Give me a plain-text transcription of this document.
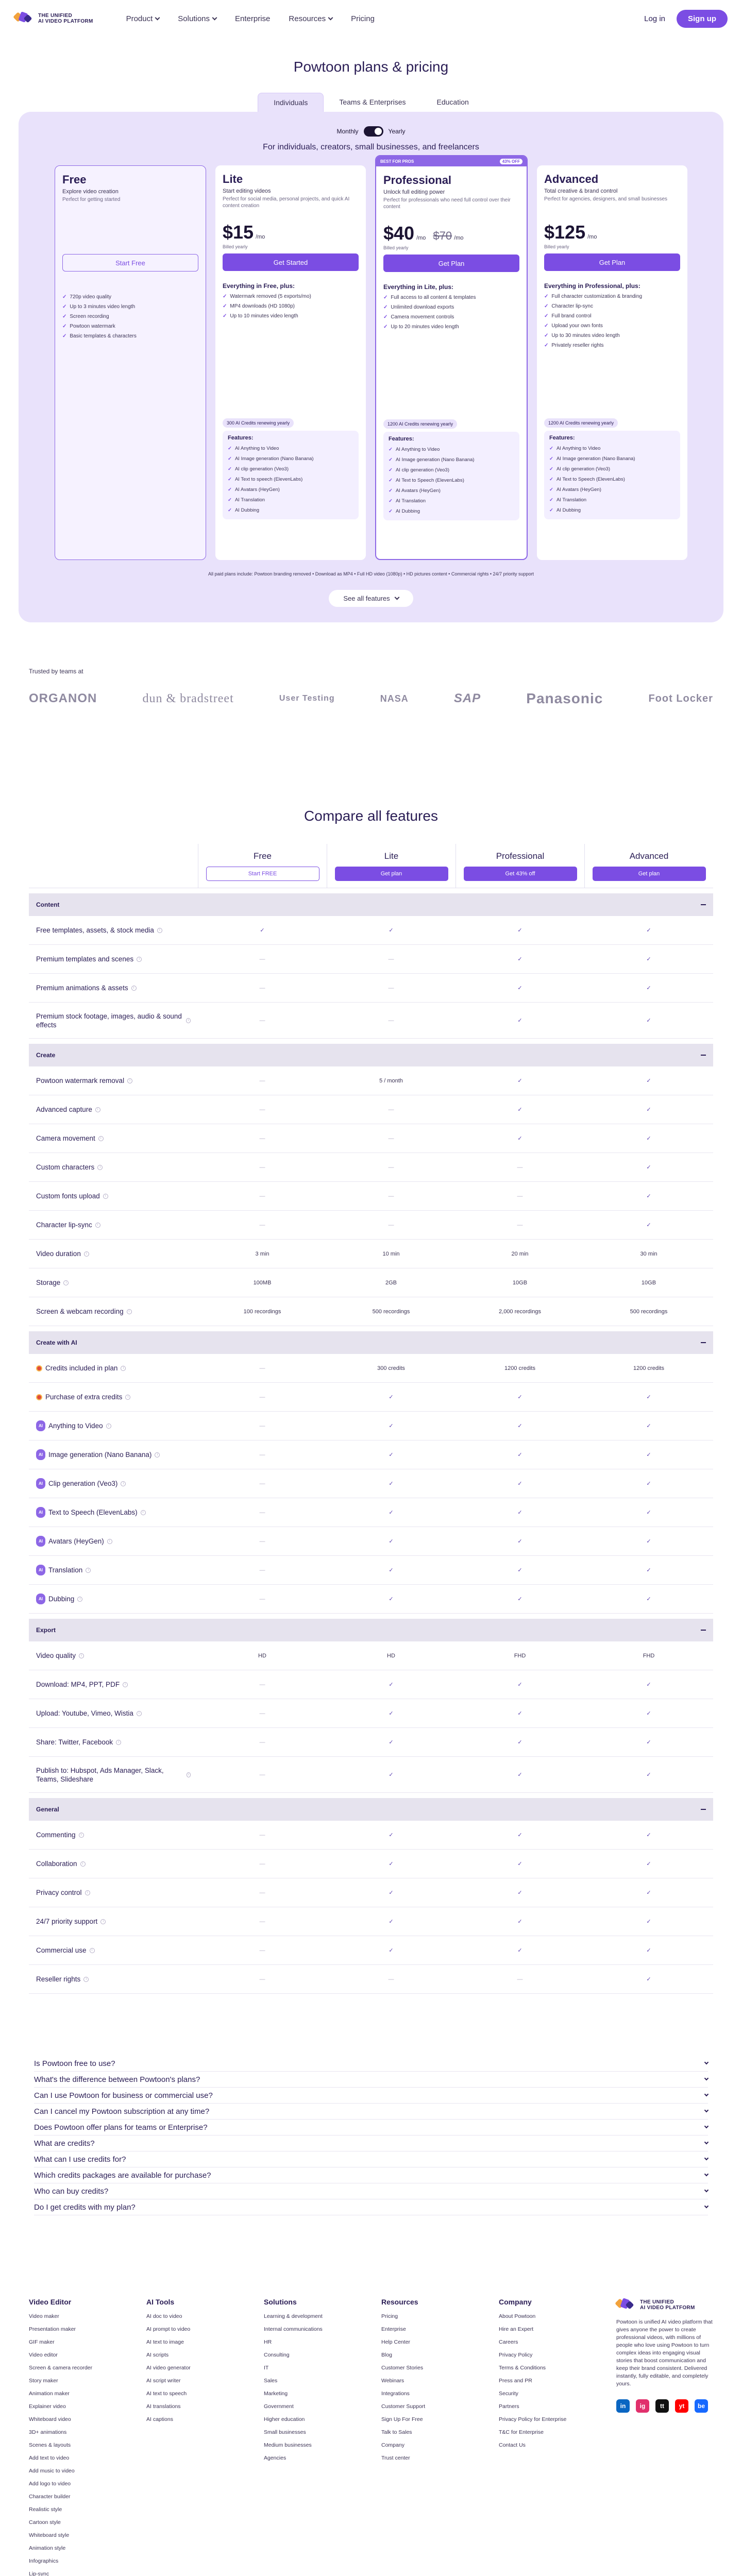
THE UNIFIED
AI VIDEO PLATFORM	Product	Solutions	Enterprise Resources	Pricing	Log in	Sign up
Powtoon plans & pricing
Individuals	Teams & Enterprises	Education
Monthly	Yearly
For individuals, creators, small businesses, and freelancers
Free
Explore video creation
Perfect for getting started

Start Free

✓ 720p video quality
✓ Up to 3 minutes video length
✓ Screen recording
✓ Powtoon watermark
✓ Basic templates & characters
Lite
Start editing videos
Perfect for social media, personal projects, and quick AI content creation
$15 /mo
Billed yearly
Get Started
Everything in Free, plus:
✓ Watermark removed (5 exports/mo)
✓ MP4 downloads (HD 1080p)
✓ Up to 10 minutes video length
300 AI Credits renewing yearly
Features:
✓ AI Anything to Video
✓ AI Image generation (Nano Banana)
✓ AI clip generation (Veo3)
✓ AI Text to speech (ElevenLabs)
✓ AI Avatars (HeyGen)
✓ AI Translation
✓ AI Dubbing
BEST FOR PROS	43% OFF
Professional
Unlock full editing power
Perfect for professionals who need full control over their content
$40 /mo $70 /mo
Billed yearly
Get Plan
Everything in Lite, plus:
✓ Full access to all content & templates
✓ Unlimited download exports
✓ Camera movement controls
✓ Up to 20 minutes video length
1200 AI Credits renewing yearly
Features:
✓ AI Anything to Video
✓ AI Image generation (Nano Banana)
✓ AI clip generation (Veo3)
✓ AI Text to Speech (ElevenLabs)
✓ AI Avatars (HeyGen)
✓ AI Translation
✓ AI Dubbing
Advanced
Total creative & brand control
Perfect for agencies, designers, and small businesses
$125 /mo
Billed yearly
Get Plan
Everything in Professional, plus:
✓ Full character customization & branding
✓ Character lip-sync
✓ Full brand control
✓ Upload your own fonts
✓ Up to 30 minutes video length
✓ Privately reseller rights
1200 AI Credits renewing yearly
Features:
✓ AI Anything to Video
✓ AI Image generation (Nano Banana)
✓ AI clip generation (Veo3)
✓ AI Text to Speech (ElevenLabs)
✓ AI Avatars (HeyGen)
✓ AI Translation
✓ AI Dubbing
All paid plans include: Powtoon branding removed • Download as MP4 • Full HD video (1080p) • HD pictures content • Commercial rights • 24/7 priority support
See all features
Trusted by teams at
ORGANON	dun & bradstreet	User Testing	NASA	SAP	Panasonic	Foot Locker
Compare all features
Free
Start FREE
Lite
Get plan
Professional
Get 43% off
Advanced
Get plan
Content
Free templates, assets, & stock media	i	✓	✓	✓	✓
Premium templates and scenes	i	—	—	✓	✓
Premium animations & assets	i	—	—	✓	✓
Premium stock footage, images, audio & sound effects
i	—	—	✓	✓
Create
Powtoon watermark removal	i	—	5 / month	✓	✓
Advanced capture	i	—	—	✓	✓
Camera movement	i	—	—	✓	✓
Custom characters	i	—	—	—	✓
Custom fonts upload	i	—	—	—	✓
Character lip-sync	i	—	—	—	✓
Video duration	i	3 min	10 min	20 min	30 min
Storage	i	100MB	2GB	10GB	10GB
Screen & webcam recording	i	100 recordings	500 recordings	2,000 recordings	500 recordings
Create with AI
Credits included in plan	i	—	300 credits	1200 credits	1200 credits
Purchase of extra credits	i	—	✓	✓	✓
AI Anything to Video	i	—	✓	✓	✓
AI Image generation (Nano Banana)	i	—	✓	✓	✓
AI Clip generation (Veo3)	i	—	✓	✓	✓
AI Text to Speech (ElevenLabs)	i	—	✓	✓	✓
AI Avatars (HeyGen)	i	—	✓	✓	✓
AI Translation	i	—	✓	✓	✓
AI Dubbing	i	—	✓	✓	✓
Export
Video quality	i	HD	HD	FHD	FHD
Download: MP4, PPT, PDF	i	—	✓	✓	✓
Upload: Youtube, Vimeo, Wistia	i	—	✓	✓	✓
Share: Twitter, Facebook	i	—	✓	✓	✓
Publish to: Hubspot, Ads Manager, Slack, Teams, Slideshare
i	—	✓	✓	✓
General
Commenting	i	—	✓	✓	✓
Collaboration	i	—	✓	✓	✓
Privacy control	i	—	✓	✓	✓
24/7 priority support	i	—	✓	✓	✓
Commercial use	i	—	✓	✓	✓
Reseller rights	i	—	—	—	✓
Is Powtoon free to use?
What's the difference between Powtoon's plans?
Can I use Powtoon for business or commercial use?
Can I cancel my Powtoon subscription at any time?
Does Powtoon offer plans for teams or Enterprise?
What are credits?
What can I use credits for?
Which credits packages are available for purchase?
Who can buy credits?
Do I get credits with my plan?
Video Editor
Video maker
Presentation maker
GIF maker
Video editor
Screen & camera recorder
Story maker
Animation maker
Explainer video
Whiteboard video
3D+ animations
Scenes & layouts
Add text to video
Add music to video
Add logo to video
Character builder
Realistic style
Cartoon style
Whiteboard style
Animation style
Infographics
Lip-sync
AI Tools
AI doc to video
AI prompt to video
AI text to image
AI scripts
AI video generator
AI script writer
AI text to speech
AI translations
AI captions
Solutions
Learning & development
Internal communications
HR
Consulting
IT
Sales
Marketing
Government
Higher education
Small businesses
Medium businesses
Agencies
Resources
Pricing
Enterprise
Help Center
Blog
Customer Stories
Webinars
Integrations
Customer Support
Sign Up For Free
Talk to Sales
Company
Trust center
Company
About Powtoon
Hire an Expert
Careers
Privacy Policy
Terms & Conditions
Press and PR
Security
Partners
Privacy Policy for Enterprise
T&C for Enterprise
Contact Us
THE UNIFIED
AI VIDEO PLATFORM

Powtoon is unified AI video platform that gives anyone the power to create professional videos, with millions of people who love using Powtoon to turn complex ideas into engaging visual stories that boost communication and keep their brand consistent. Delivered instantly, fully editable, and completely yours.

in	ig	tt	yt	be
